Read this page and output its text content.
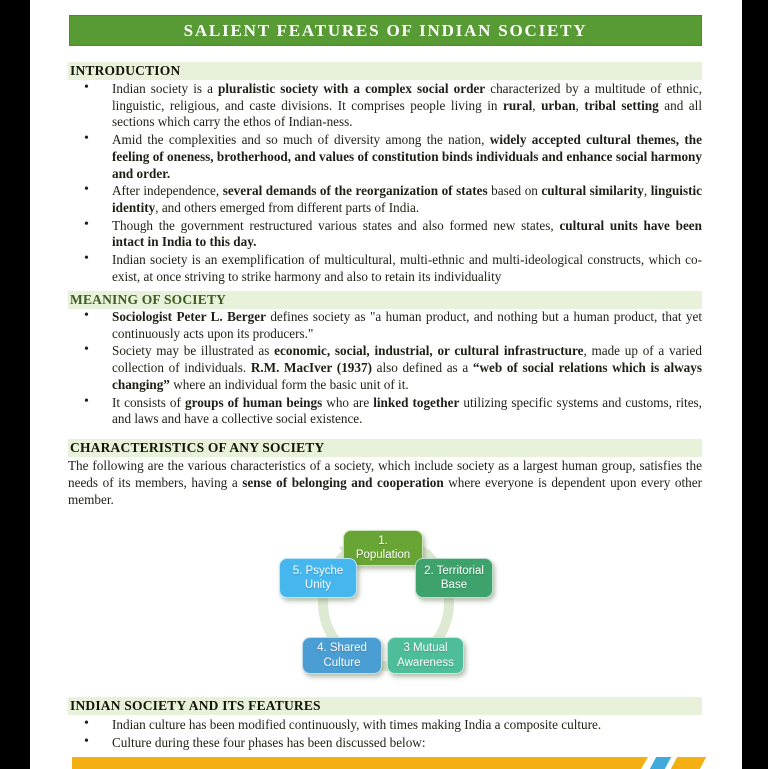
SALIENT FEATURES OF INDIAN SOCIETY
INTRODUCTION
• Indian society is a pluralistic society with a complex social order characterized by a multitude of ethnic, linguistic, religious, and caste divisions. It comprises people living in rural, urban, tribal setting and all sections which carry the ethos of Indian-ness.
• Amid the complexities and so much of diversity among the nation, widely accepted cultural themes, the feeling of oneness, brotherhood, and values of constitution binds individuals and enhance social harmony and order.
• After independence, several demands of the reorganization of states based on cultural similarity, linguistic identity, and others emerged from different parts of India.
• Though the government restructured various states and also formed new states, cultural units have been intact in India to this day.
• Indian society is an exemplification of multicultural, multi-ethnic and multi-ideological constructs, which co-exist, at once striving to strike harmony and also to retain its individuality
MEANING OF SOCIETY
• Sociologist Peter L. Berger defines society as "a human product, and nothing but a human product, that yet continuously acts upon its producers."
• Society may be illustrated as economic, social, industrial, or cultural infrastructure, made up of a varied collection of individuals. R.M. MacIver (1937) also defined as a “web of social relations which is always changing” where an individual form the basic unit of it.
• It consists of groups of human beings who are linked together utilizing specific systems and customs, rites, and laws and have a collective social existence.
CHARACTERISTICS OF ANY SOCIETY

The following are the various characteristics of a society, which include society as a largest human group, satisfies the needs of its members, having a sense of belonging and cooperation where everyone is dependent upon every other member.

1.
Population
2. Territorial
Base
3 Mutual
Awareness
4. Shared
Culture
5. Psyche
Unity
INDIAN SOCIETY AND ITS FEATURES
• Indian culture has been modified continuously, with times making India a composite culture.
• Culture during these four phases has been discussed below:
